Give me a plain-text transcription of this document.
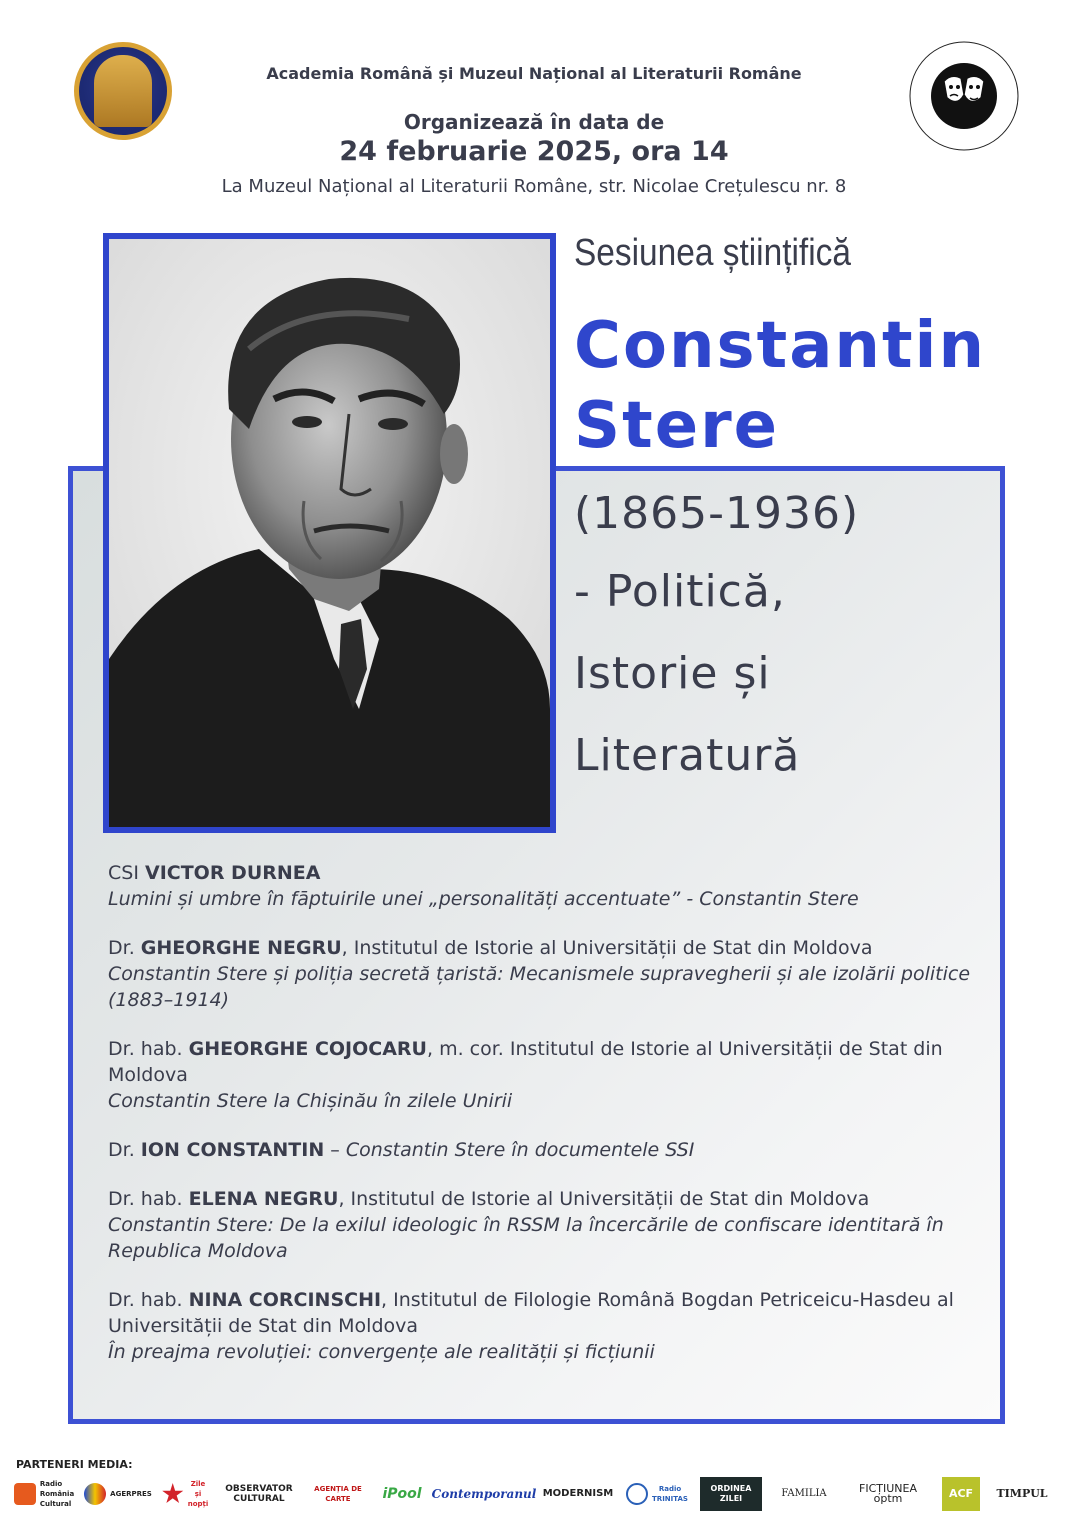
Academia Română și Muzeul Național al Literaturii Române
Organizează în data de
24 februarie 2025, ora 14
La Muzeul Național al Literaturii Române, str. Nicolae Crețulescu nr. 8
Sesiunea științifică
Constantin
Stere
(1865-1936)
- Politică,
Istorie și
Literatură
CSI VICTOR DURNEA
Lumini și umbre în fāptuirile unei „personalități accentuate” - Constantin Stere
Dr. GHEORGHE NEGRU, Institutul de Istorie al Universității de Stat din Moldova
Constantin Stere și poliția secretă țaristă: Mecanismele supravegherii și ale izolării politice (1883–1914)
Dr. hab. GHEORGHE COJOCARU, m. cor. Institutul de Istorie al Universității de Stat din Moldova
Constantin Stere la Chișinău în zilele Unirii
Dr. ION CONSTANTIN – Constantin Stere în documentele SSI
Dr. hab. ELENA NEGRU, Institutul de Istorie al Universității de Stat din Moldova
Constantin Stere: De la exilul ideologic în RSSM la încercările de confiscare identitară în Republica Moldova
Dr. hab. NINA CORCINSCHI, Institutul de Filologie Română Bogdan Petriceicu-Hasdeu al Universității de Stat din Moldova
În preajma revoluției: convergențe ale realității și ficțiunii
PARTENERI MEDIA:
Radio România Cultural
AGERPRES
Zile și nopți
OBSERVATOR CULTURAL
AGENȚIA DE CARTE	iPool Contemporanul MODERNISM	Radio TRINITAS
ORDINEA ZILEI	FAMILIA	FICȚIUNEA optm	ACF TIMPUL
